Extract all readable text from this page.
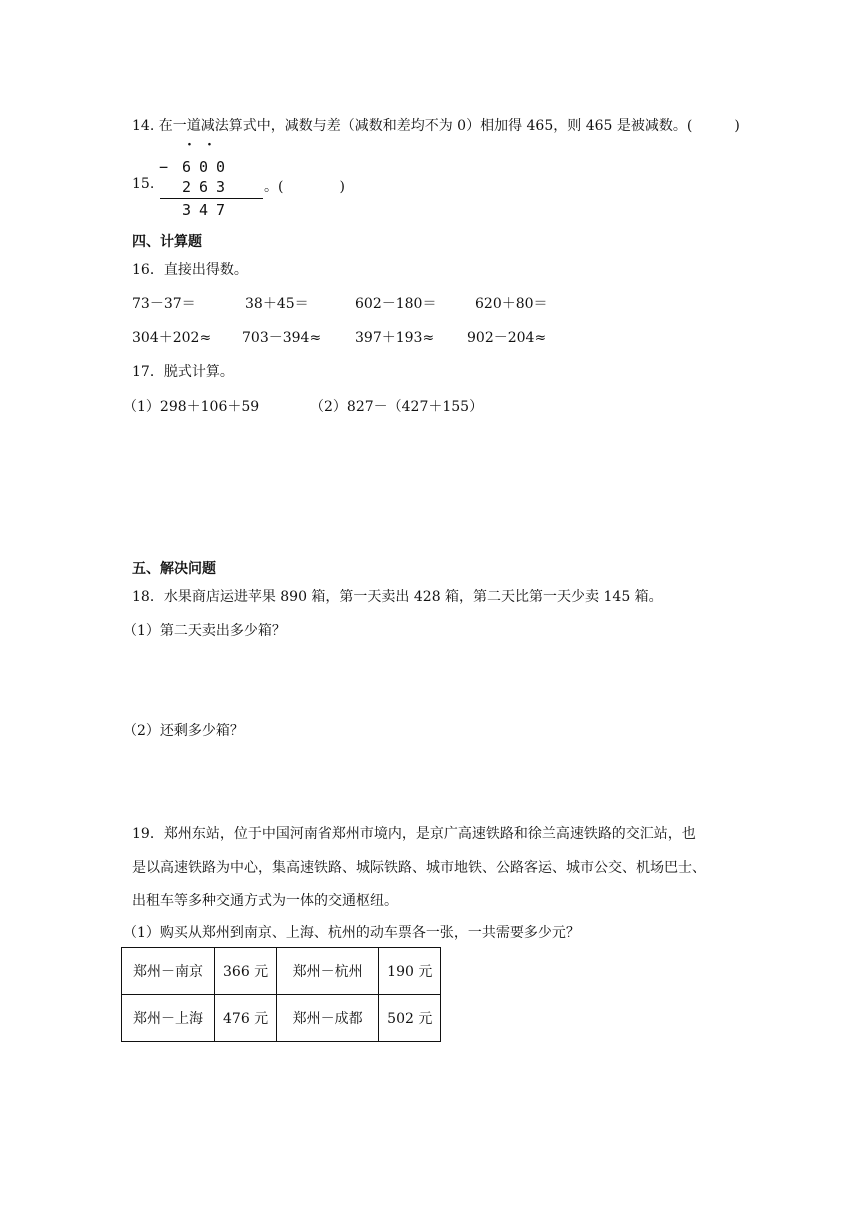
14. 在一道减法算式中，减数与差（减数和差均不为 0）相加得 465，则 465 是被减数。(　　　)
15.
· ·
− 600
263
347
。(　　　　)
四、计算题
16．直接出得数。
73－37＝	38＋45＝	602－180＝	620＋80＝
304＋202≈ 703－394≈ 397＋193≈ 902－204≈
17．脱式计算。
（1）298＋106＋59	（2）827－（427＋155）
五、解决问题
18．水果商店运进苹果 890 箱，第一天卖出 428 箱，第二天比第一天少卖 145 箱。
（1）第二天卖出多少箱？
（2）还剩多少箱？
19．郑州东站，位于中国河南省郑州市境内，是京广高速铁路和徐兰高速铁路的交汇站，也
是以高速铁路为中心，集高速铁路、城际铁路、城市地铁、公路客运、城市公交、机场巴士、
出租车等多种交通方式为一体的交通枢纽。
（1）购买从郑州到南京、上海、杭州的动车票各一张，一共需要多少元？
郑州－南京	366 元	郑州－杭州	190 元
郑州－上海	476 元	郑州－成都	502 元
